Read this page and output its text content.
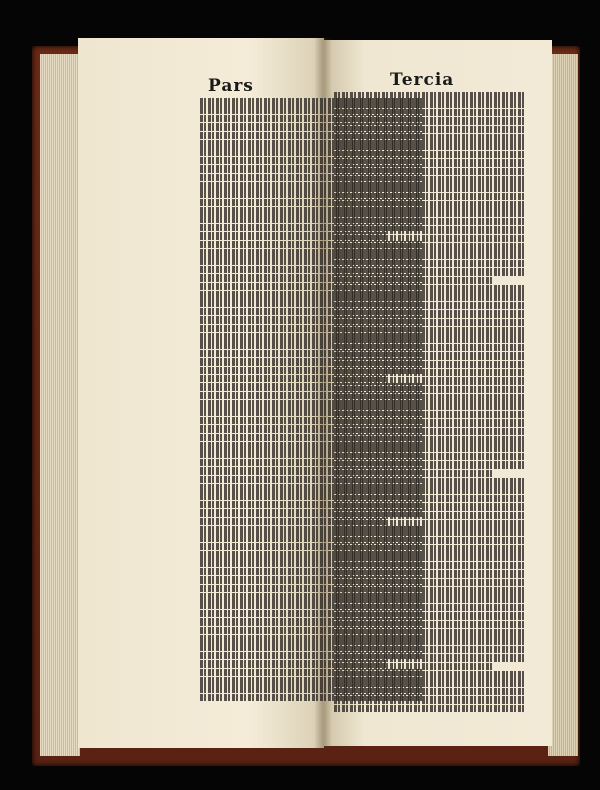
Pars	Tercia
